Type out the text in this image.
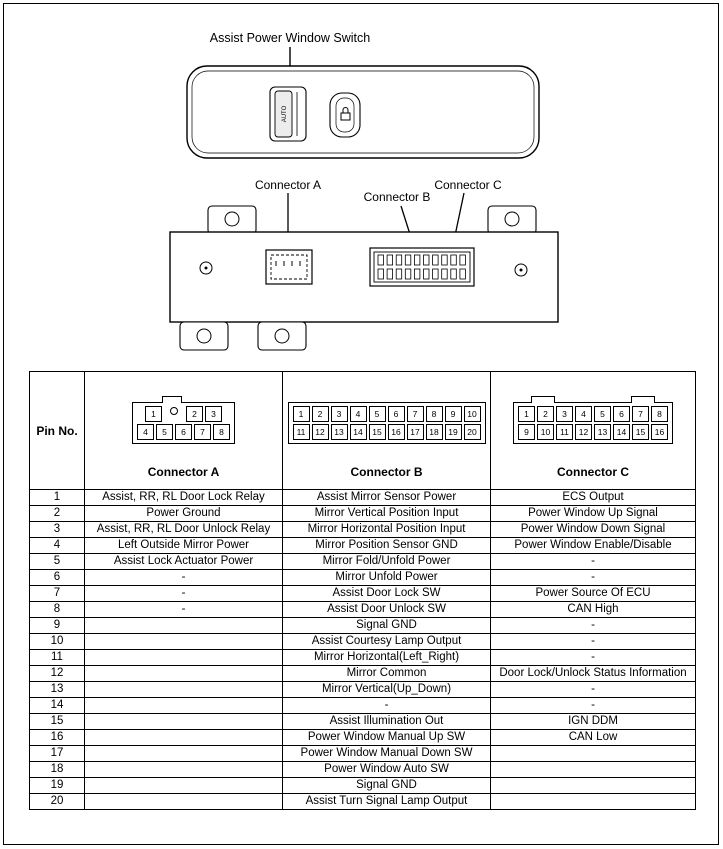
Assist Power Window Switch
AUTO
Connector A
Connector B
Connector C
Pin No.	
1	2	3
4	5	6	7	8
Connector A

1	2	3	4	5	6	7	8	9	10
11	12	13	14	15	16	17	18	19	20
Connector B

1	2	3	4	5	6	7	8
9	10	11	12	13	14	15	16
Connector C

1	Assist, RR, RL Door Lock Relay	Assist Mirror Sensor Power	ECS Output
2	Power Ground	Mirror Vertical Position Input	Power Window Up Signal
3	Assist, RR, RL Door Unlock Relay	Mirror Horizontal Position Input	Power Window Down Signal
4	Left Outside Mirror Power	Mirror Position Sensor GND	Power Window Enable/Disable
5	Assist Lock Actuator Power	Mirror Fold/Unfold Power	-
6	-	Mirror Unfold Power	-
7	-	Assist Door Lock SW	Power Source Of ECU
8	-	Assist Door Unlock SW	CAN High
9		Signal GND	-
10		Assist Courtesy Lamp Output	-
11		Mirror Horizontal(Left_Right)	-
12		Mirror Common	Door Lock/Unlock Status Information
13		Mirror Vertical(Up_Down)	-
14		-	-
15		Assist Illumination Out	IGN DDM
16		Power Window Manual Up SW	CAN Low
17		Power Window Manual Down SW	
18		Power Window Auto SW	
19		Signal GND	
20		Assist Turn Signal Lamp Output	
